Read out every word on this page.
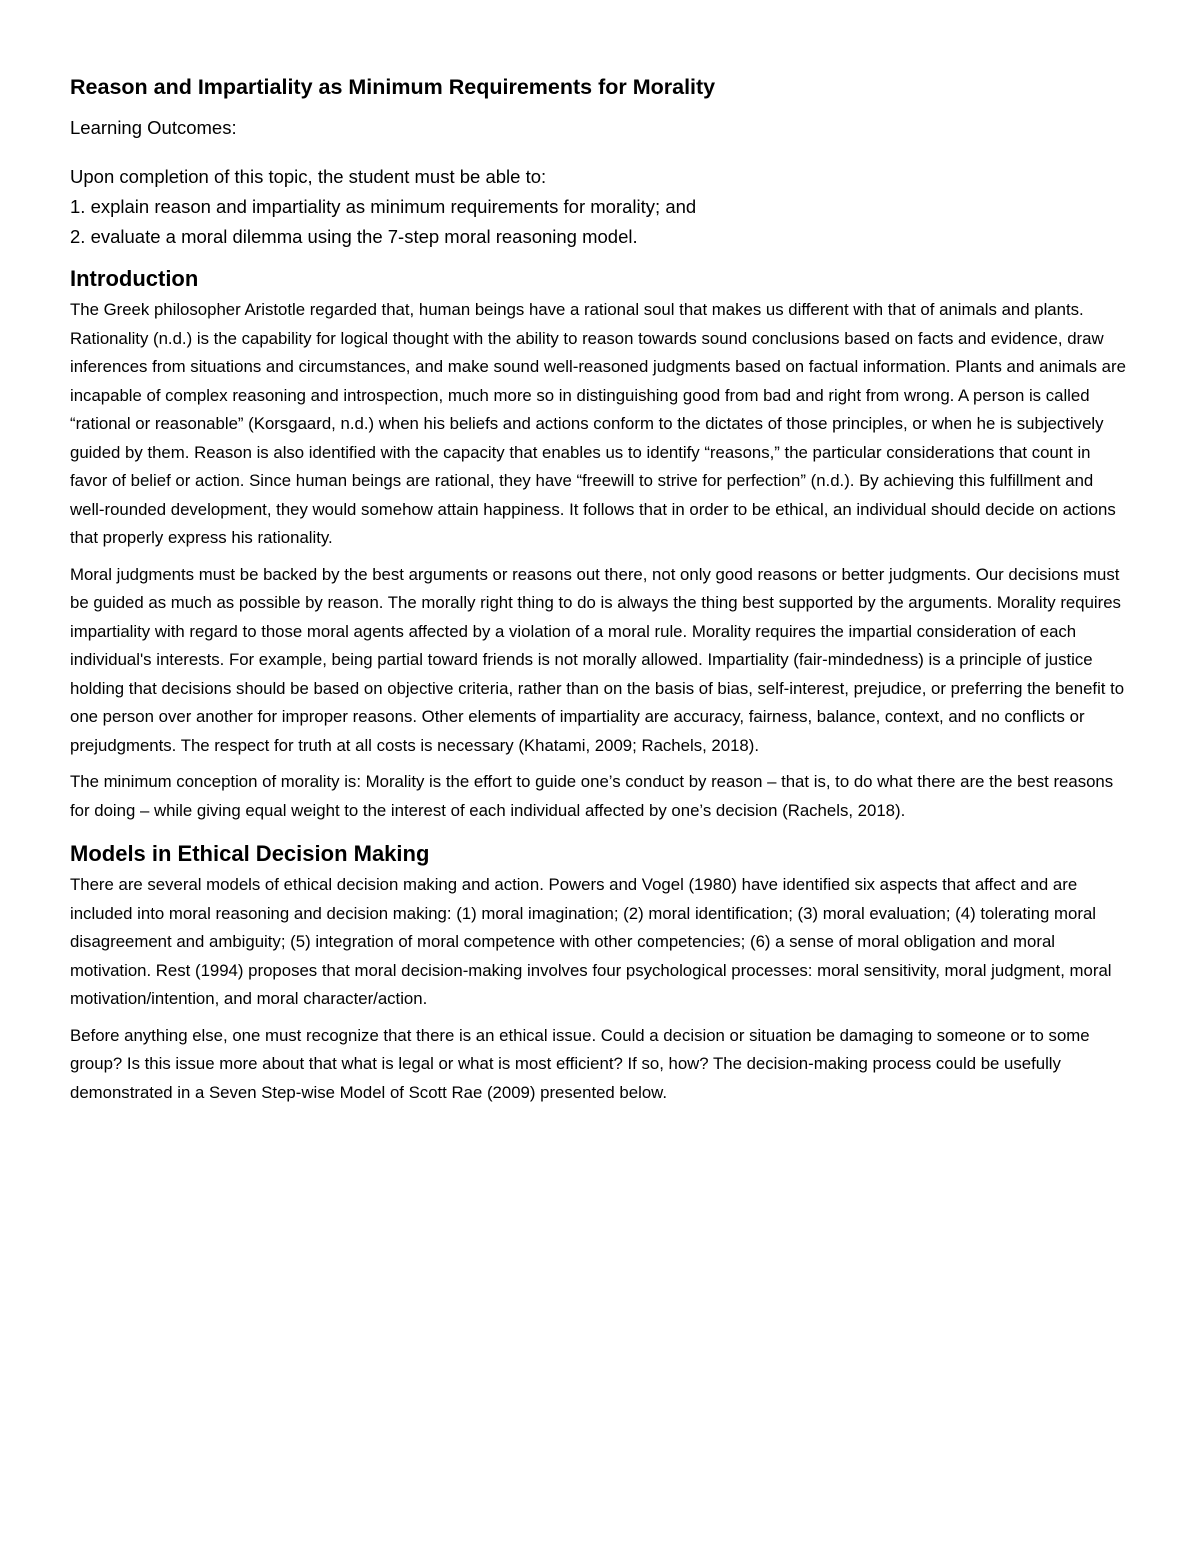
Reason and Impartiality as Minimum Requirements for Morality
Learning Outcomes:
Upon completion of this topic, the student must be able to:
1. explain reason and impartiality as minimum requirements for morality; and
2. evaluate a moral dilemma using the 7-step moral reasoning model.
Introduction

The Greek philosopher Aristotle regarded that, human beings have a rational soul that makes us different with that of animals and plants. Rationality (n.d.) is the capability for logical thought with the ability to reason towards sound conclusions based on facts and evidence, draw inferences from situations and circumstances, and make sound well-reasoned judgments based on factual information. Plants and animals are incapable of complex reasoning and introspection, much more so in distinguishing good from bad and right from wrong. A person is called “rational or reasonable” (Korsgaard, n.d.) when his beliefs and actions conform to the dictates of those principles, or when he is subjectively guided by them. Reason is also identified with the capacity that enables us to identify “reasons,” the particular considerations that count in favor of belief or action. Since human beings are rational, they have “freewill to strive for perfection” (n.d.). By achieving this fulfillment and well-rounded development, they would somehow attain happiness. It follows that in order to be ethical, an individual should decide on actions that properly express his rationality.

Moral judgments must be backed by the best arguments or reasons out there, not only good reasons or better judgments. Our decisions must be guided as much as possible by reason. The morally right thing to do is always the thing best supported by the arguments. Morality requires impartiality with regard to those moral agents affected by a violation of a moral rule. Morality requires the impartial consideration of each individual's interests. For example, being partial toward friends is not morally allowed. Impartiality (fair-mindedness) is a principle of justice holding that decisions should be based on objective criteria, rather than on the basis of bias, self-interest, prejudice, or preferring the benefit to one person over another for improper reasons. Other elements of impartiality are accuracy, fairness, balance, context, and no conflicts or prejudgments. The respect for truth at all costs is necessary (Khatami, 2009; Rachels, 2018).

The minimum conception of morality is: Morality is the effort to guide one’s conduct by reason – that is, to do what there are the best reasons for doing – while giving equal weight to the interest of each individual affected by one’s decision (Rachels, 2018).

Models in Ethical Decision Making

There are several models of ethical decision making and action. Powers and Vogel (1980) have identified six aspects that affect and are included into moral reasoning and decision making: (1) moral imagination; (2) moral identification; (3) moral evaluation; (4) tolerating moral disagreement and ambiguity; (5) integration of moral competence with other competencies; (6) a sense of moral obligation and moral motivation. Rest (1994) proposes that moral decision-making involves four psychological processes: moral sensitivity, moral judgment, moral motivation/intention, and moral character/action.

Before anything else, one must recognize that there is an ethical issue. Could a decision or situation be damaging to someone or to some group? Is this issue more about that what is legal or what is most efficient? If so, how? The decision-making process could be usefully demonstrated in a Seven Step-wise Model of Scott Rae (2009) presented below.
